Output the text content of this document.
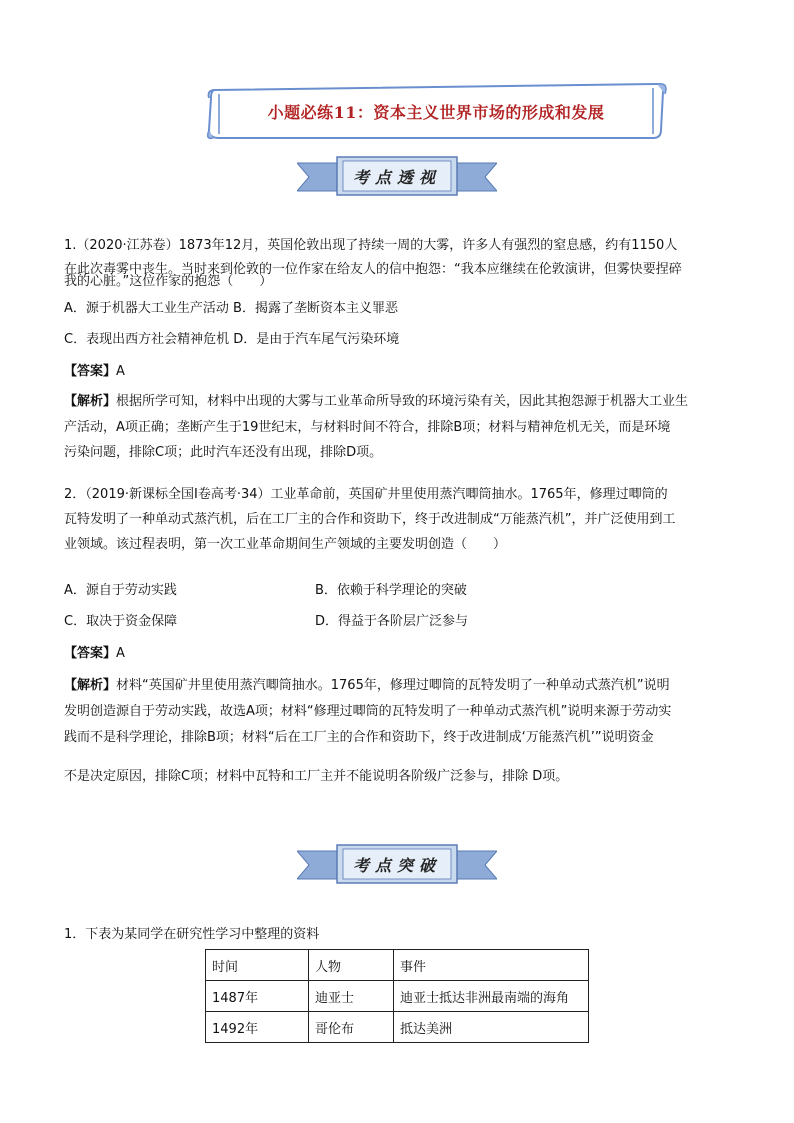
小题必练11：资本主义世界市场的形成和发展
考点透视
1.（2020·江苏卷）1873年12月，英国伦敦出现了持续一周的大雾，许多人有强烈的窒息感，约有1150人
在此次毒雾中丧生。当时来到伦敦的一位作家在给友人的信中抱怨：“我本应继续在伦敦演讲，但雾快要捏碎
我的心脏。”这位作家的抱怨（　　）
A．源于机器大工业生产活动 B．揭露了垄断资本主义罪恶
C．表现出西方社会精神危机 D．是由于汽车尾气污染环境
【答案】A
【解析】根据所学可知，材料中出现的大雾与工业革命所导致的环境污染有关，因此其抱怨源于机器大工业生
产活动，A项正确；垄断产生于19世纪末，与材料时间不符合，排除B项；材料与精神危机无关，而是环境
污染问题，排除C项；此时汽车还没有出现，排除D项。
2．（2019·新课标全国Ⅰ卷高考·34）工业革命前，英国矿井里使用蒸汽唧筒抽水。1765年，修理过唧筒的
瓦特发明了一种单动式蒸汽机，后在工厂主的合作和资助下，终于改进制成“万能蒸汽机”，并广泛使用到工
业领域。该过程表明，第一次工业革命期间生产领域的主要发明创造（　　）
A．源自于劳动实践	B．依赖于科学理论的突破
C．取决于资金保障	D．得益于各阶层广泛参与
【答案】A
【解析】材料“英国矿井里使用蒸汽唧筒抽水。1765年，修理过唧筒的瓦特发明了一种单动式蒸汽机”说明
发明创造源自于劳动实践，故选A项；材料“修理过唧筒的瓦特发明了一种单动式蒸汽机”说明来源于劳动实
践而不是科学理论，排除B项；材料“后在工厂主的合作和资助下，终于改进制成‘万能蒸汽机’”说明资金
不是决定原因，排除C项；材料中瓦特和工厂主并不能说明各阶级广泛参与，排除 D项。
考点突破
1．下表为某同学在研究性学习中整理的资料
时间	人物	事件
1487年	迪亚士	迪亚士抵达非洲最南端的海角
1492年	哥伦布	抵达美洲
